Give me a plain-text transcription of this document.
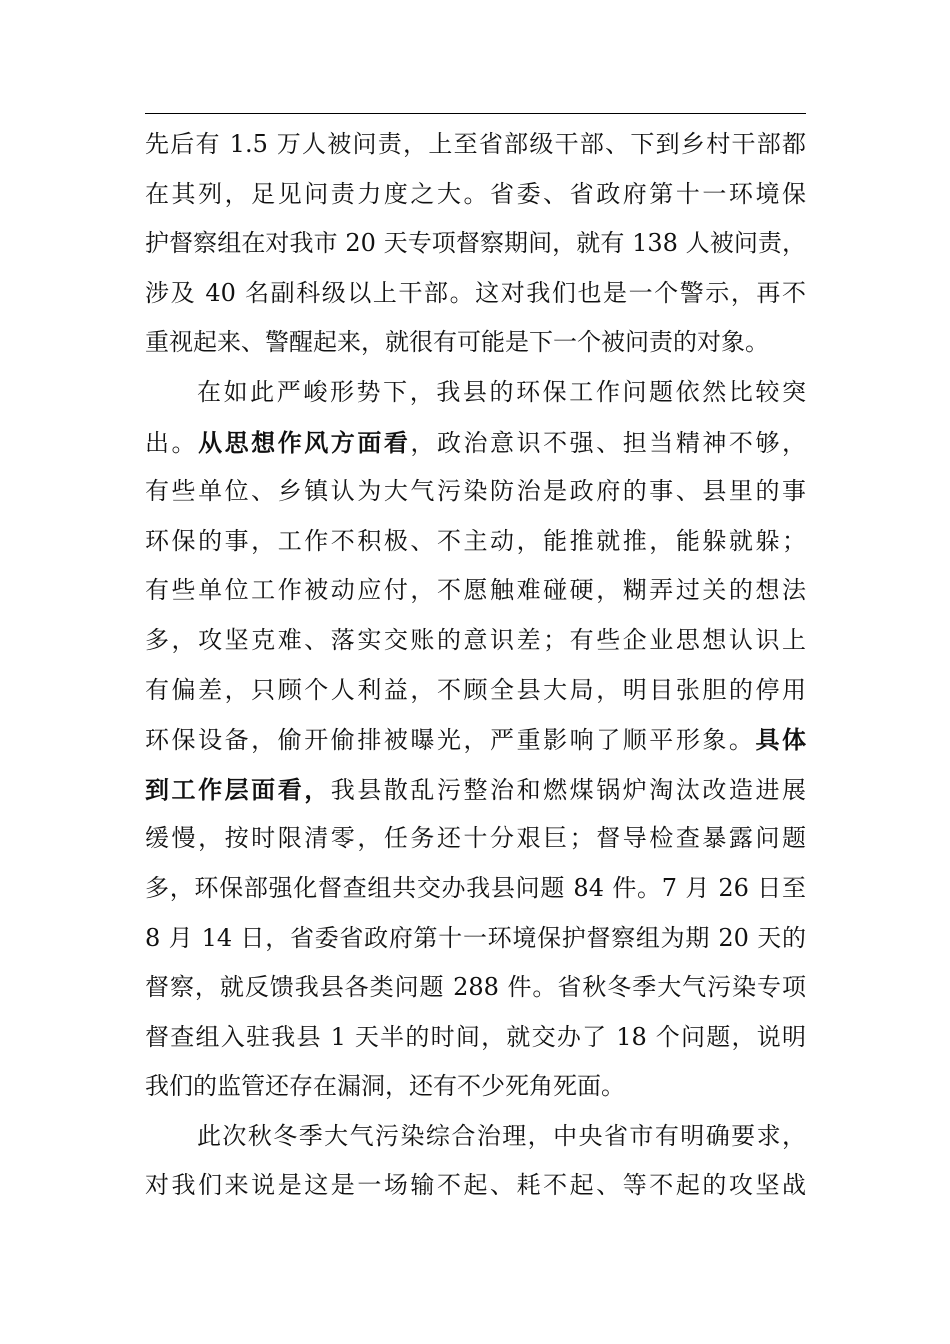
先后有 1.5 万人被问责，上至省部级干部、下到乡村干部都
在其列，足见问责力度之大。省委、省政府第十一环境保
护督察组在对我市 20 天专项督察期间，就有 138 人被问责，
涉及 40 名副科级以上干部。这对我们也是一个警示，再不
重视起来、警醒起来，就很有可能是下一个被问责的对象。
在如此严峻形势下，我县的环保工作问题依然比较突
出。从思想作风方面看，政治意识不强、担当精神不够，
有些单位、乡镇认为大气污染防治是政府的事、县里的事
环保的事，工作不积极、不主动，能推就推，能躲就躲；
有些单位工作被动应付，不愿触难碰硬，糊弄过关的想法
多，攻坚克难、落实交账的意识差；有些企业思想认识上
有偏差，只顾个人利益，不顾全县大局，明目张胆的停用
环保设备，偷开偷排被曝光，严重影响了顺平形象。具体
到工作层面看，我县散乱污整治和燃煤锅炉淘汰改造进展
缓慢，按时限清零，任务还十分艰巨；督导检查暴露问题
多，环保部强化督查组共交办我县问题 84 件。7 月 26 日至
8 月 14 日，省委省政府第十一环境保护督察组为期 20 天的
督察，就反馈我县各类问题 288 件。省秋冬季大气污染专项
督查组入驻我县 1 天半的时间，就交办了 18 个问题，说明
我们的监管还存在漏洞，还有不少死角死面。
此次秋冬季大气污染综合治理，中央省市有明确要求，
对我们来说是这是一场输不起、耗不起、等不起的攻坚战
